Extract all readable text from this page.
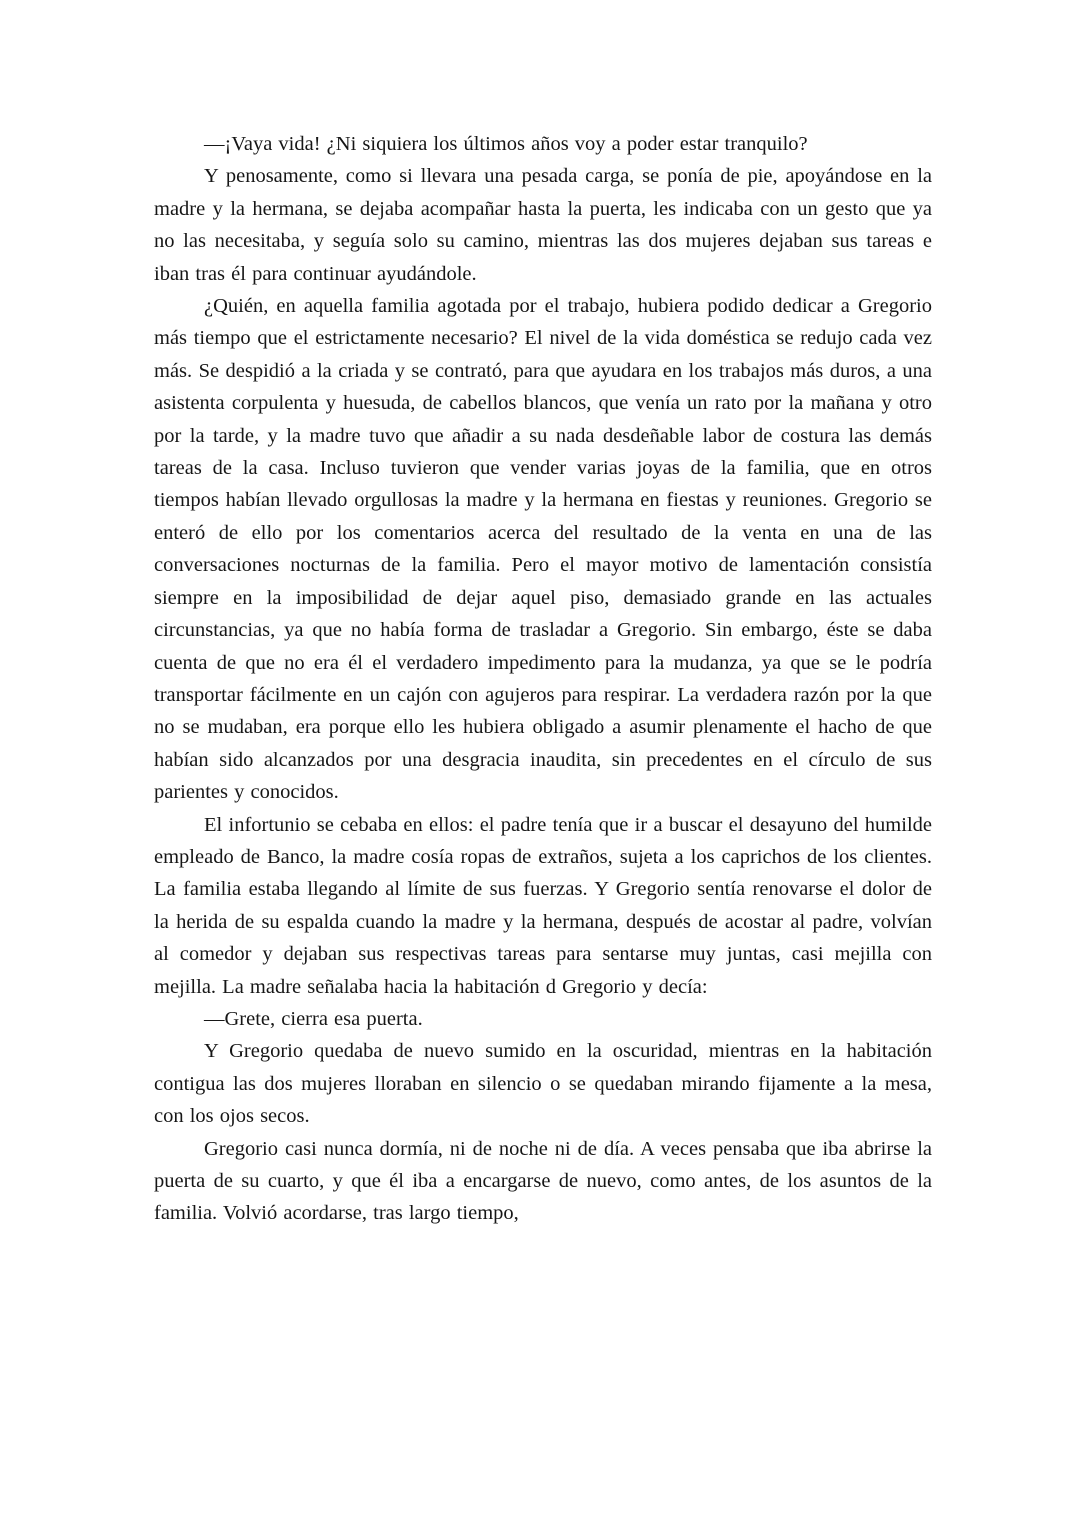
—¡Vaya vida! ¿Ni siquiera los últimos años voy a poder estar tranquilo?

Y penosamente, como si llevara una pesada carga, se ponía de pie, apoyándose en la madre y la hermana, se dejaba acompañar hasta la puerta, les indicaba con un gesto que ya no las necesitaba, y seguía solo su camino, mientras las dos mujeres dejaban sus tareas e iban tras él para continuar ayudándole.

¿Quién, en aquella familia agotada por el trabajo, hubiera podido dedicar a Gregorio más tiempo que el estrictamente necesario? El nivel de la vida doméstica se redujo cada vez más. Se despidió a la criada y se contrató, para que ayudara en los trabajos más duros, a una asistenta corpulenta y huesuda, de cabellos blancos, que venía un rato por la mañana y otro por la tarde, y la madre tuvo que añadir a su nada desdeñable labor de costura las demás tareas de la casa. Incluso tuvieron que vender varias joyas de la familia, que en otros tiempos habían llevado orgullosas la madre y la hermana en fiestas y reuniones. Gregorio se enteró de ello por los comentarios acerca del resultado de la venta en una de las conversaciones nocturnas de la familia. Pero el mayor motivo de lamentación consistía siempre en la imposibilidad de dejar aquel piso, demasiado grande en las actuales circunstancias, ya que no había forma de trasladar a Gregorio. Sin embargo, éste se daba cuenta de que no era él el verdadero impedimento para la mudanza, ya que se le podría transportar fácilmente en un cajón con agujeros para respirar. La verdadera razón por la que no se mudaban, era porque ello les hubiera obligado a asumir plenamente el hacho de que habían sido alcanzados por una desgracia inaudita, sin precedentes en el círculo de sus parientes y conocidos.

El infortunio se cebaba en ellos: el padre tenía que ir a buscar el desayuno del humilde empleado de Banco, la madre cosía ropas de extraños, sujeta a los caprichos de los clientes. La familia estaba llegando al límite de sus fuerzas. Y Gregorio sentía renovarse el dolor de la herida de su espalda cuando la madre y la hermana, después de acostar al padre, volvían al comedor y dejaban sus respectivas tareas para sentarse muy juntas, casi mejilla con mejilla. La madre señalaba hacia la habitación d Gregorio y decía:

—Grete, cierra esa puerta.

Y Gregorio quedaba de nuevo sumido en la oscuridad, mientras en la habitación contigua las dos mujeres lloraban en silencio o se quedaban mirando fijamente a la mesa, con los ojos secos.

Gregorio casi nunca dormía, ni de noche ni de día. A veces pensaba que iba abrirse la puerta de su cuarto, y que él iba a encargarse de nuevo, como antes, de los asuntos de la familia. Volvió acordarse, tras largo tiempo,
